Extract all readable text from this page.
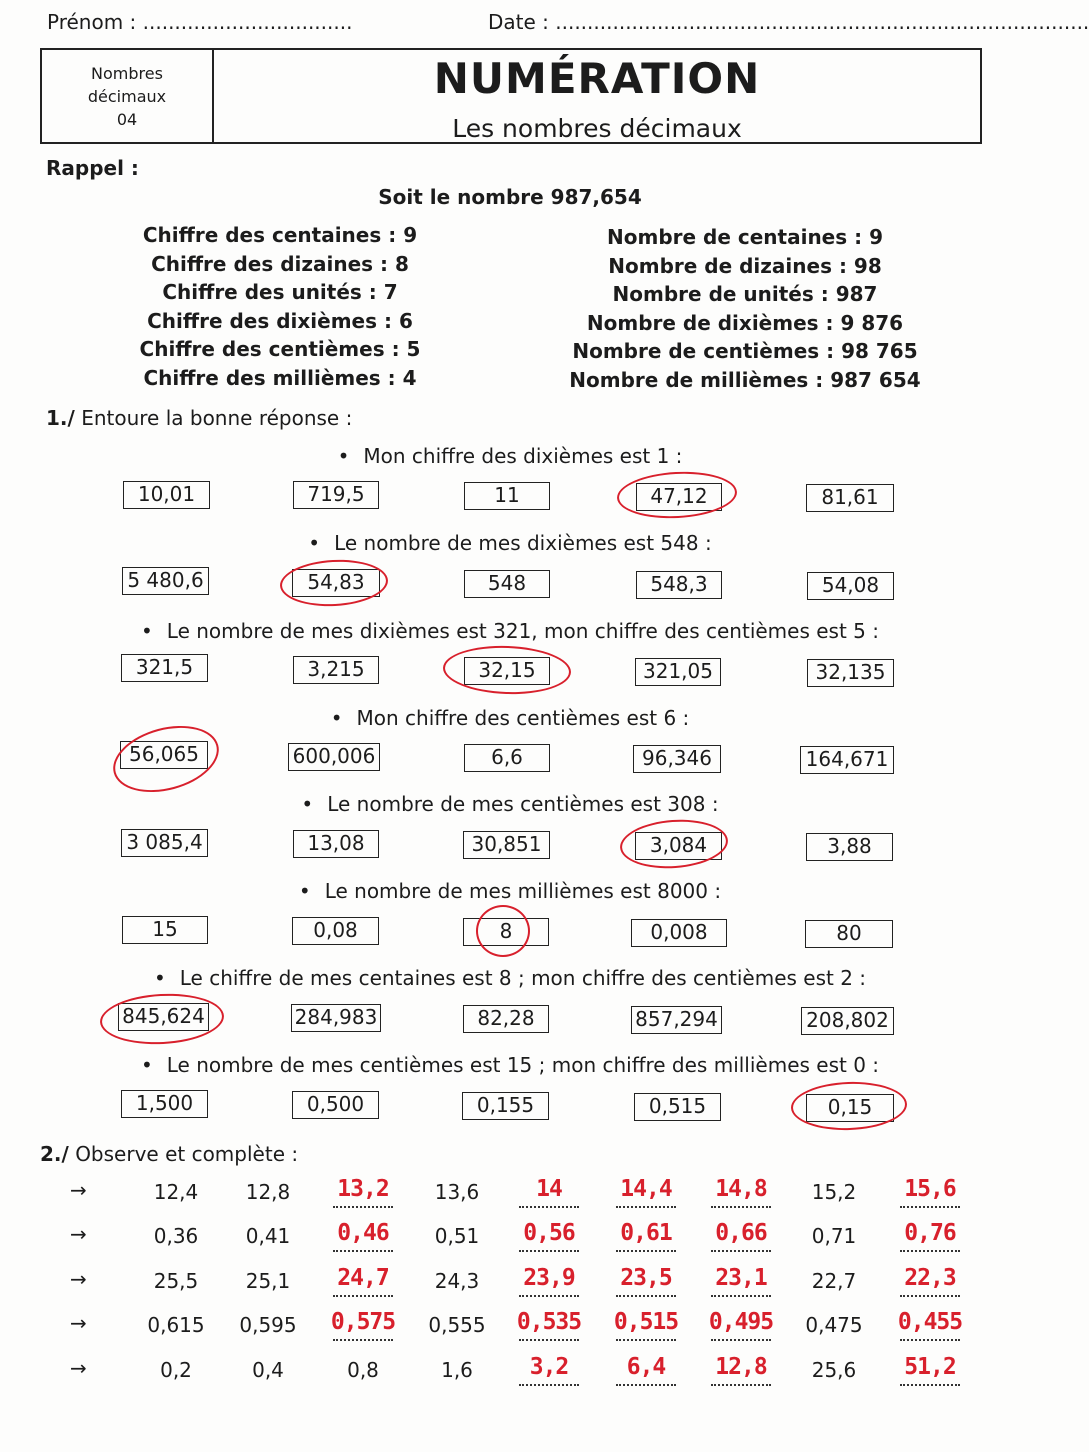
Prénom : .................................	Date : ....................................................................................
Nombres
décimaux
04
NUMÉRATION
Les nombres décimaux
Rappel :
Soit le nombre 987,654
Chiffre des centaines : 9
Chiffre des dizaines : 8
Chiffre des unités : 7
Chiffre des dixièmes : 6
Chiffre des centièmes : 5
Chiffre des millièmes : 4
Nombre de centaines : 9
Nombre de dizaines : 98
Nombre de unités : 987
Nombre de dixièmes : 9 876
Nombre de centièmes : 98 765
Nombre de millièmes : 987 654
1./ Entoure la bonne réponse :
• Mon chiffre des dixièmes est 1 :
10,01	719,5	11	47,12	81,61
• Le nombre de mes dixièmes est 548 :
5 480,6	54,83	548	548,3	54,08
• Le nombre de mes dixièmes est 321, mon chiffre des centièmes est 5 :
321,5	3,215	32,15	321,05	32,135
• Mon chiffre des centièmes est 6 :
56,065	600,006	6,6	96,346	164,671
• Le nombre de mes centièmes est 308 :
3 085,4	13,08	30,851	3,084	3,88
• Le nombre de mes millièmes est 8000 :
15	0,08	8	0,008	80
• Le chiffre de mes centaines est 8 ; mon chiffre des centièmes est 2 :
845,624	284,983	82,28	857,294	208,802
• Le nombre de mes centièmes est 15 ; mon chiffre des millièmes est 0 :
1,500	0,500	0,155	0,515	0,15
2./ Observe et complète :
→	12,4	12,8	13,2	13,6	14	14,4	14,8	15,2	15,6
→	0,36	0,41	0,46	0,51	0,56	0,61	0,66	0,71	0,76
→	25,5	25,1	24,7	24,3	23,9	23,5	23,1	22,7	22,3
→	0,615	0,595	0,575	0,555	0,535	0,515	0,495	0,475	0,455
→	0,2	0,4	0,8	1,6	3,2	6,4	12,8	25,6	51,2
